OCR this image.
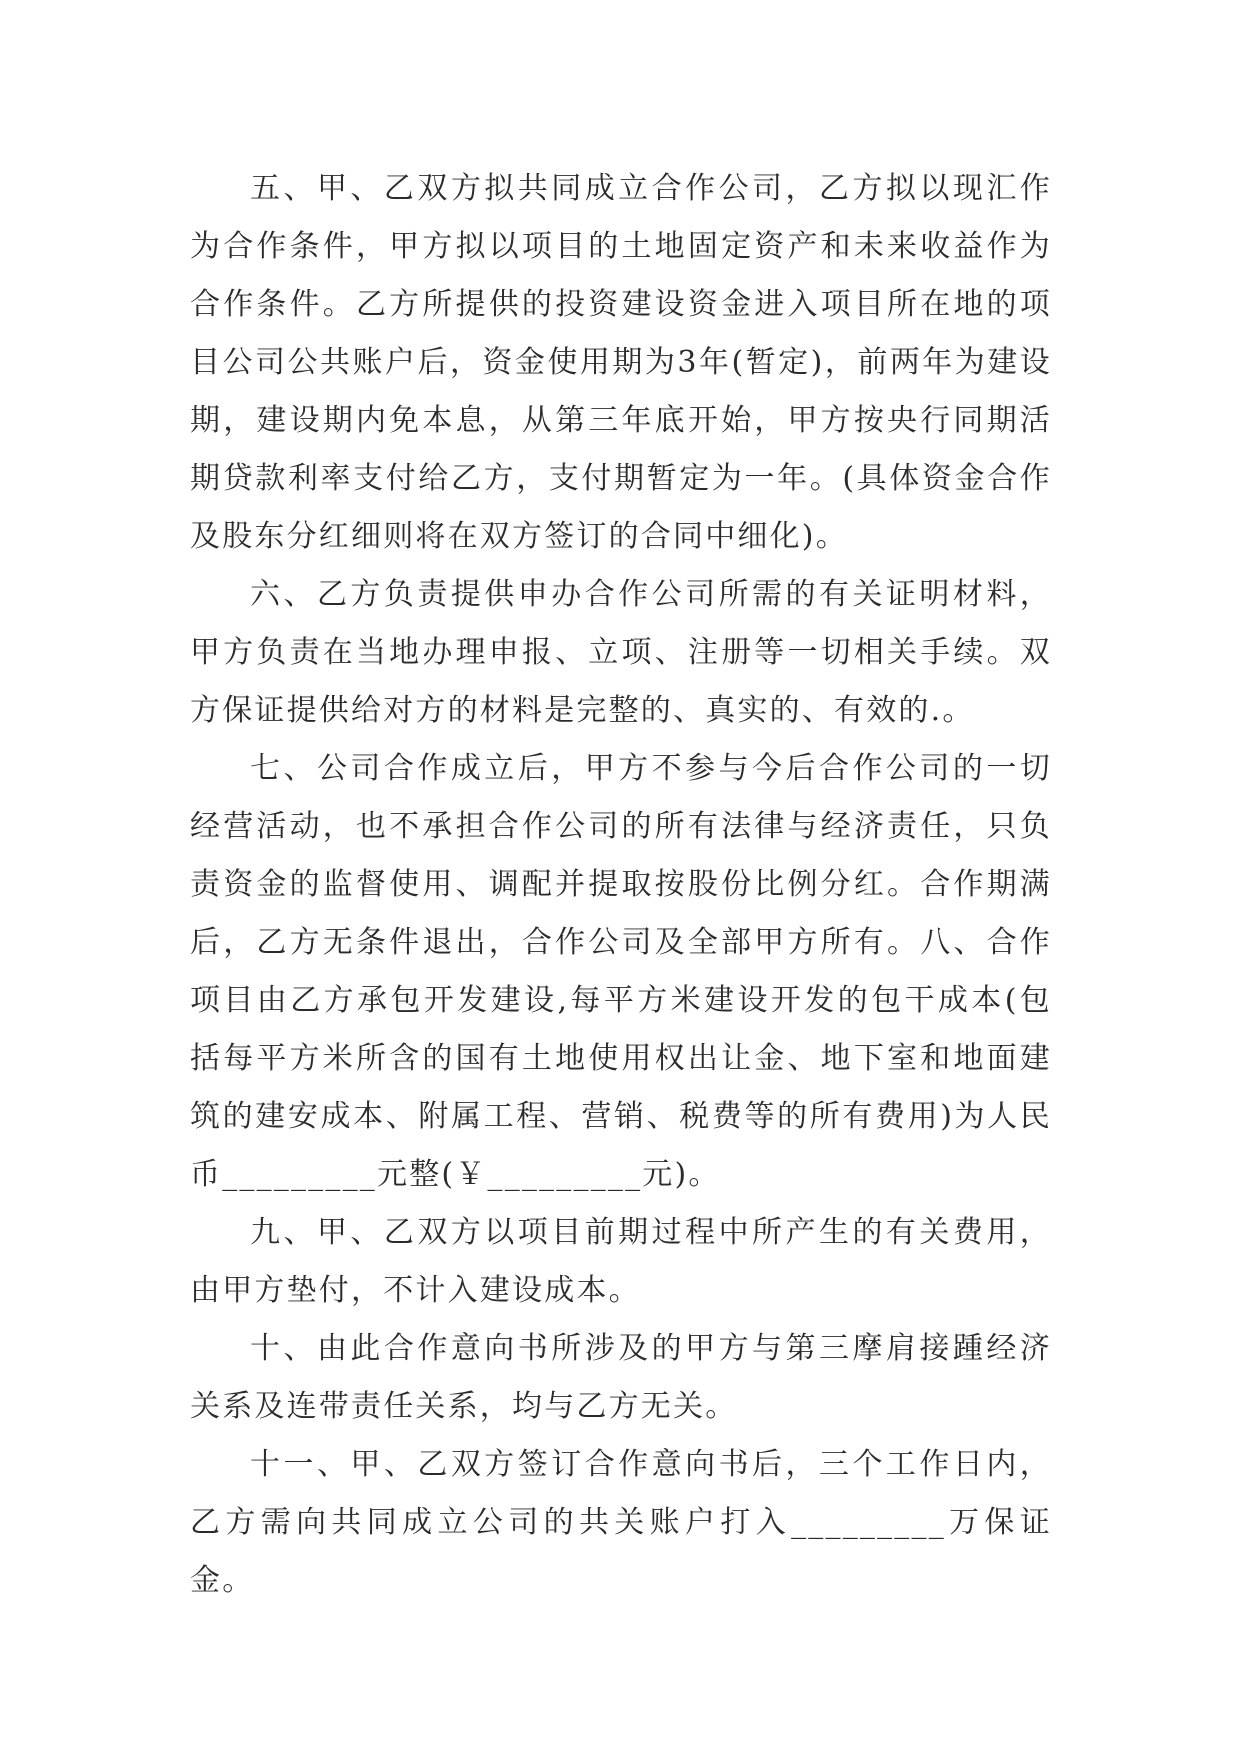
五、甲、乙双方拟共同成立合作公司，乙方拟以现汇作为合作条件，甲方拟以项目的土地固定资产和未来收益作为合作条件。乙方所提供的投资建设资金进入项目所在地的项目公司公共账户后，资金使用期为3年(暂定)，前两年为建设期，建设期内免本息，从第三年底开始，甲方按央行同期活期贷款利率支付给乙方，支付期暂定为一年。(具体资金合作及股东分红细则将在双方签订的合同中细化)。

六、乙方负责提供申办合作公司所需的有关证明材料，甲方负责在当地办理申报、立项、注册等一切相关手续。双方保证提供给对方的材料是完整的、真实的、有效的.。

七、公司合作成立后，甲方不参与今后合作公司的一切经营活动，也不承担合作公司的所有法律与经济责任，只负责资金的监督使用、调配并提取按股份比例分红。合作期满后，乙方无条件退出，合作公司及全部甲方所有。八、合作项目由乙方承包开发建设,每平方米建设开发的包干成本(包括每平方米所含的国有土地使用权出让金、地下室和地面建筑的建安成本、附属工程、营销、税费等的所有费用)为人民币_________元整(￥_________元)。

九、甲、乙双方以项目前期过程中所产生的有关费用，由甲方垫付，不计入建设成本。

十、由此合作意向书所涉及的甲方与第三摩肩接踵经济关系及连带责任关系，均与乙方无关。

十一、甲、乙双方签订合作意向书后，三个工作日内，乙方需向共同成立公司的共关账户打入_________万保证金。
